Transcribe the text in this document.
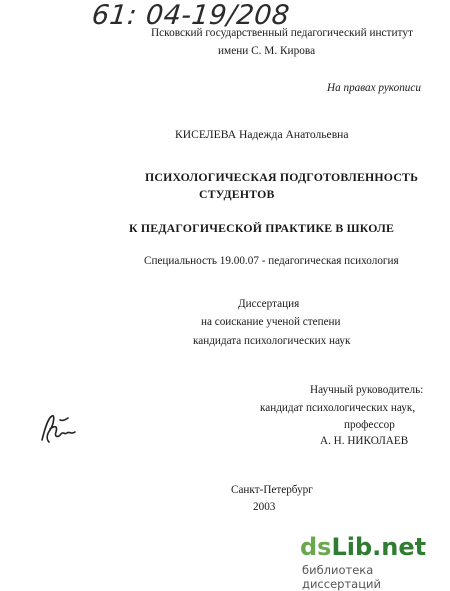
61: 04-19/208
Псковский государственный педагогический институт
имени С. М. Кирова
На правах рукописи
КИСЕЛЕВА Надежда Анатольевна
ПСИХОЛОГИЧЕСКАЯ ПОДГОТОВЛЕННОСТЬ
СТУДЕНТОВ
К ПЕДАГОГИЧЕСКОЙ ПРАКТИКЕ В ШКОЛЕ
Специальность 19.00.07 - педагогическая психология
Диссертация
на соискание ученой степени
кандидата психологических наук
Научный руководитель:
кандидат психологических наук,
профессор
А. Н. НИКОЛАЕВ
Санкт-Петербург
2003
dsLib.net
библиотека диссертаций
